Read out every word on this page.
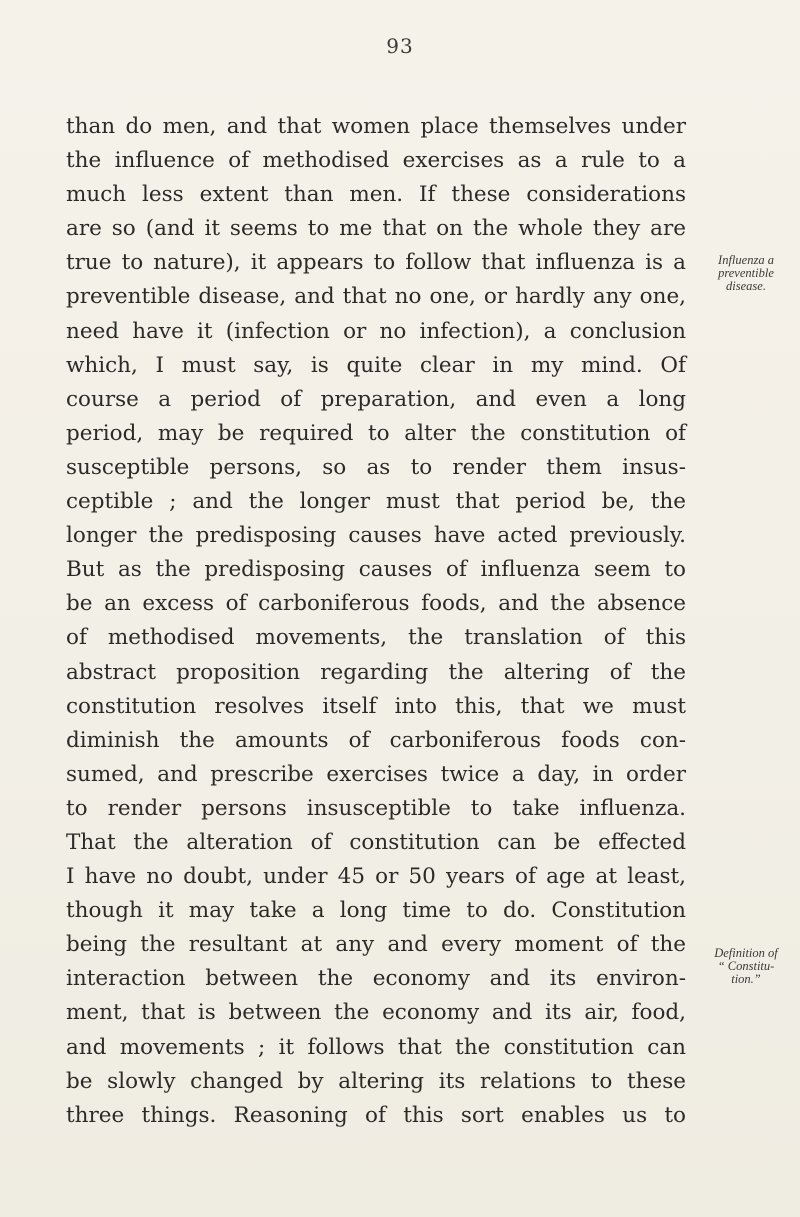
93
than do men, and that women place themselves under
the influence of methodised exercises as a rule to a
much less extent than men. If these considerations
are so (and it seems to me that on the whole they are
true to nature), it appears to follow that influenza is a
preventible disease, and that no one, or hardly any one,
need have it (infection or no infection), a conclusion
which, I must say, is quite clear in my mind. Of
course a period of preparation, and even a long
period, may be required to alter the constitution of
susceptible persons, so as to render them insus-
ceptible ; and the longer must that period be, the
longer the predisposing causes have acted previously.
But as the predisposing causes of influenza seem to
be an excess of carboniferous foods, and the absence
of methodised movements, the translation of this
abstract proposition regarding the altering of the
constitution resolves itself into this, that we must
diminish the amounts of carboniferous foods con-
sumed, and prescribe exercises twice a day, in order
to render persons insusceptible to take influenza.
That the alteration of constitution can be effected
I have no doubt, under 45 or 50 years of age at least,
though it may take a long time to do. Constitution
being the resultant at any and every moment of the
interaction between the economy and its environ-
ment, that is between the economy and its air, food,
and movements ; it follows that the constitution can
be slowly changed by altering its relations to these
three things. Reasoning of this sort enables us to
Influenza a
preventible
disease.
Definition of
“ Constitu-
tion.”
